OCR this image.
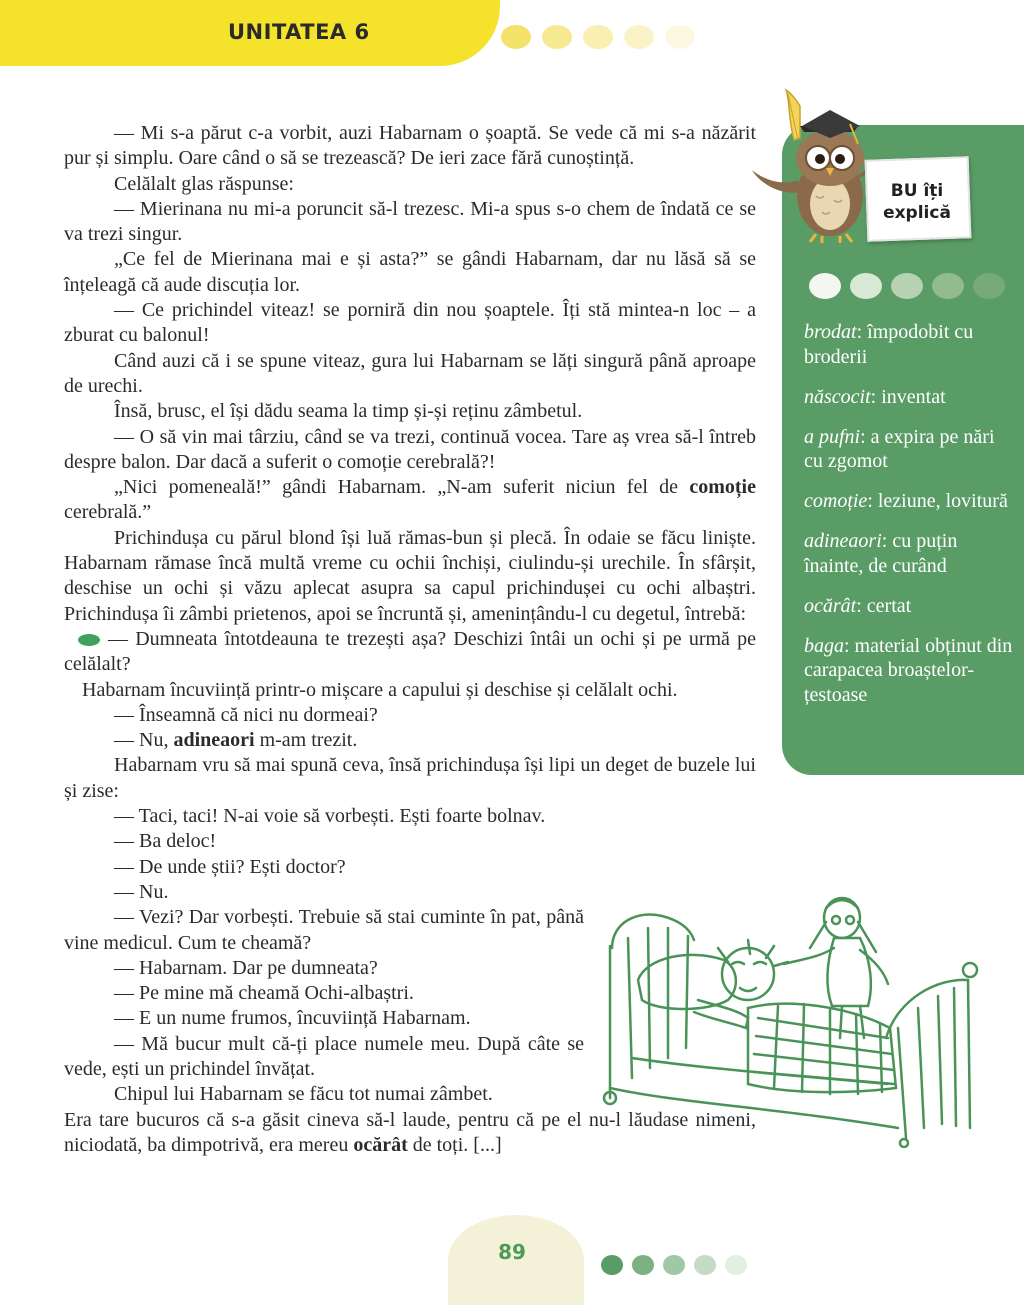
UNITATEA 6
BU îți
explică
brodat: împodobit cu broderii
născocit: inventat
a pufni: a expira pe nări cu zgomot
comoție: leziune, lovitură
adineaori: cu puțin înainte, de curând
ocărât: certat
baga: material obținut din carapacea broaștelor-țestoase

— Mi s-a părut c-a vorbit, auzi Habarnam o șoaptă. Se vede că mi s-a năzărit pur și simplu. Oare când o să se trezească? De ieri zace fără cunoștință.

Celălalt glas răspunse:

— Mierinana nu mi-a poruncit să-l trezesc. Mi-a spus s-o chem de îndată ce se va trezi singur.

„Ce fel de Mierinana mai e și asta?” se gândi Habarnam, dar nu lăsă să se înțeleagă că aude discuția lor.

— Ce prichindel viteaz! se porniră din nou șoaptele. Îți stă mintea-n loc – a zburat cu balonul!

Când auzi că i se spune viteaz, gura lui Habarnam se lăți singură până aproape de urechi.

Însă, brusc, el își dădu seama la timp și-și reținu zâmbetul.

— O să vin mai târziu, când se va trezi, continuă vocea. Tare aș vrea să-l întreb despre balon. Dar dacă a suferit o comoție cerebrală?!

„Nici pomeneală!” gândi Habarnam. „N-am suferit niciun fel de comoție cerebrală.”

Prichindușa cu părul blond își luă rămas-bun și plecă. În odaie se făcu liniște. Habarnam rămase încă multă vreme cu ochii închiși, ciulindu-și urechile. În sfârșit, deschise un ochi și văzu aplecat asupra sa capul prichindușei cu ochi albaștri. Prichindușa îi zâmbi prietenos, apoi se încruntă și, amenințându-l cu degetul, întrebă:

— Dumneata întotdeauna te trezești așa? Deschizi întâi un ochi și pe urmă pe celălalt?

Habarnam încuviință printr-o mișcare a capului și deschise și celălalt ochi.

— Înseamnă că nici nu dormeai?

— Nu, adineaori m-am trezit.

Habarnam vru să mai spună ceva, însă prichindușa își lipi un deget de buzele lui și zise:

— Taci, taci! N-ai voie să vorbești. Ești foarte bolnav.

— Ba deloc!

— De unde știi? Ești doctor?

— Nu.

— Vezi? Dar vorbești. Trebuie să stai cuminte în pat, până vine medicul. Cum te cheamă?

— Habarnam. Dar pe dumneata?

— Pe mine mă cheamă Ochi-albaștri.

— E un nume frumos, încuviință Habarnam.

— Mă bucur mult că-ți place numele meu. După câte se vede, ești un prichindel învățat.

Chipul lui Habarnam se făcu tot numai zâmbet.

Era tare bucuros că s-a găsit cineva să-l laude, pentru că pe el nu-l lăudase nimeni, niciodată, ba dimpotrivă, era mereu ocărât de toți. [...]

89
